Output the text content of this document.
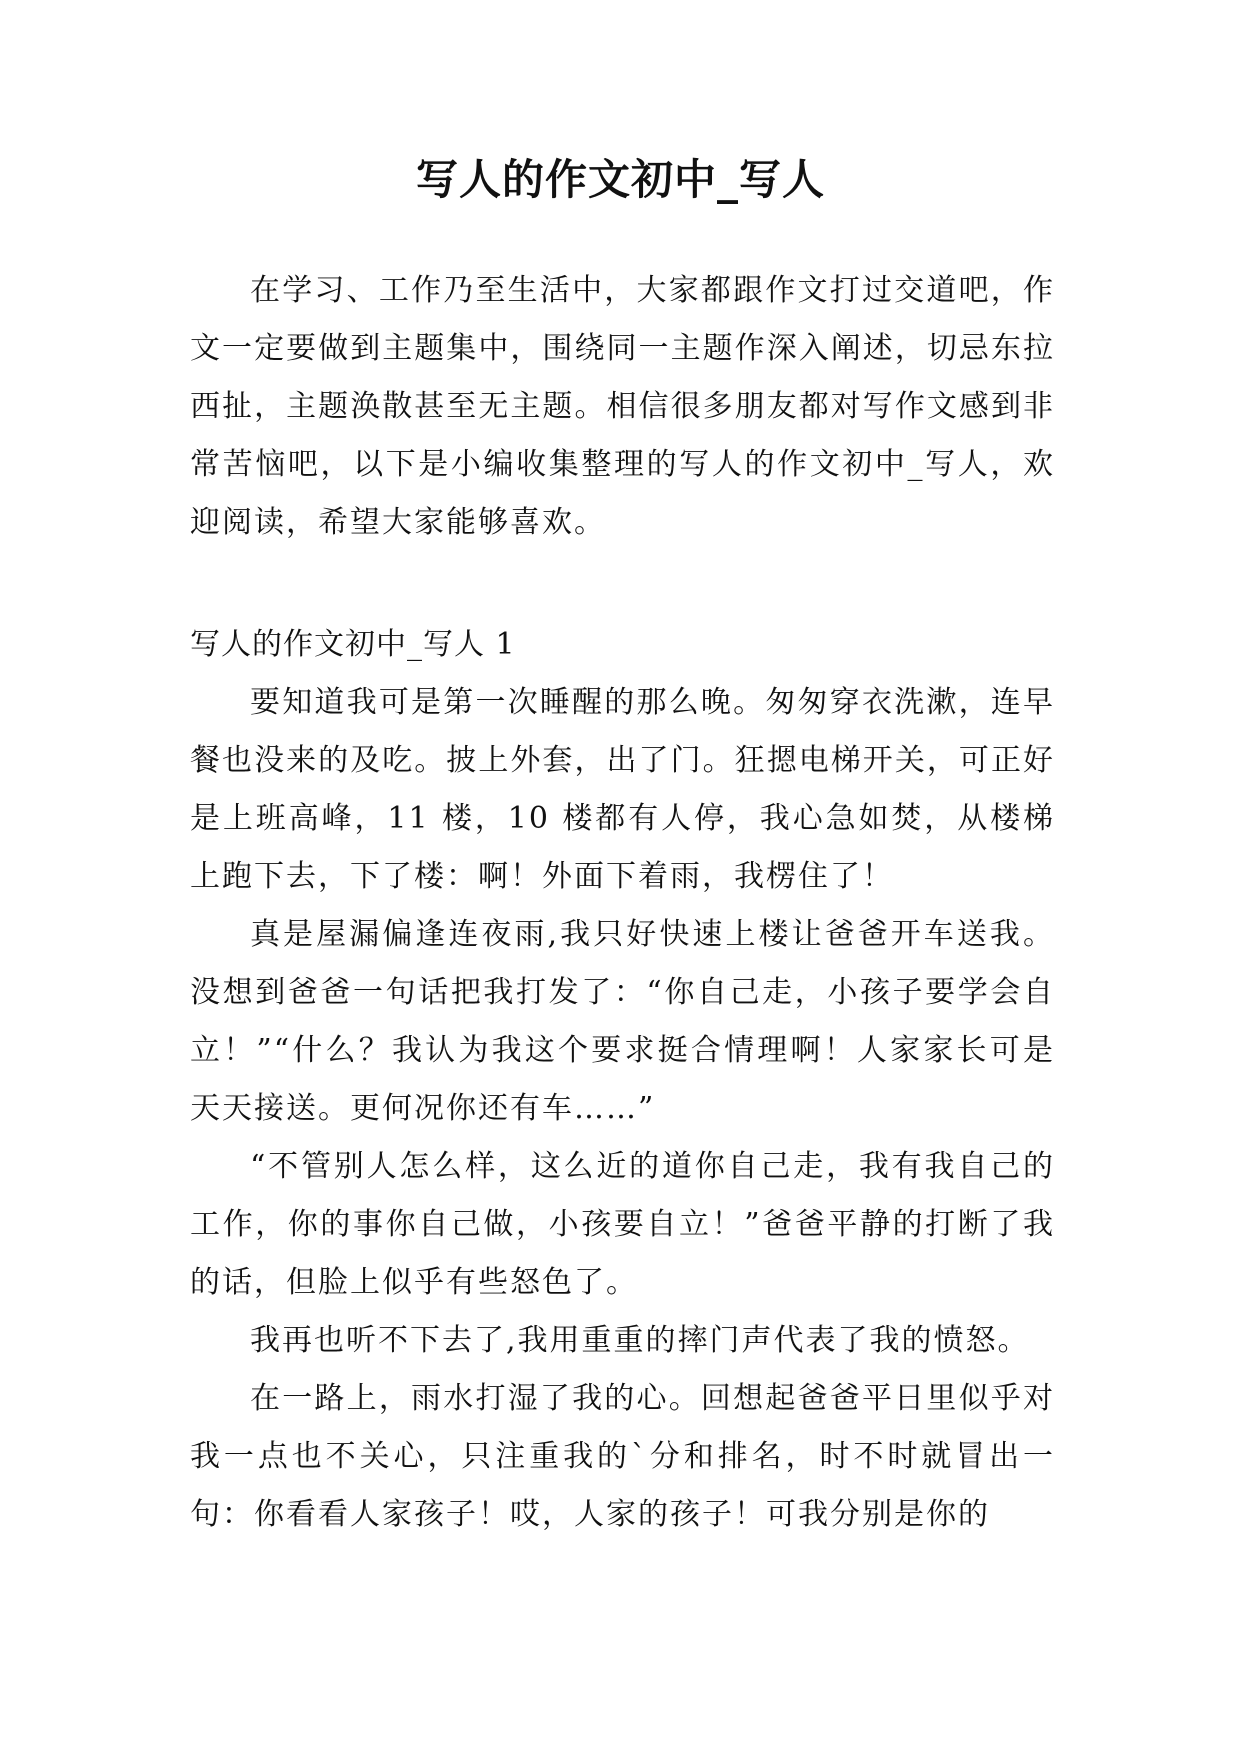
写人的作文初中_写人

在学习、工作乃至生活中，大家都跟作文打过交道吧，作文一定要做到主题集中，围绕同一主题作深入阐述，切忌东拉西扯，主题涣散甚至无主题。相信很多朋友都对写作文感到非常苦恼吧，以下是小编收集整理的写人的作文初中_写人，欢迎阅读，希望大家能够喜欢。

写人的作文初中_写人 1

要知道我可是第一次睡醒的那么晚。匆匆穿衣洗漱，连早餐也没来的及吃。披上外套，出了门。狂摁电梯开关，可正好是上班高峰，11 楼，10 楼都有人停，我心急如焚，从楼梯上跑下去，下了楼：啊！外面下着雨，我楞住了！

真是屋漏偏逢连夜雨,我只好快速上楼让爸爸开车送我。没想到爸爸一句话把我打发了：“你自己走，小孩子要学会自立！”“什么？我认为我这个要求挺合情理啊！人家家长可是天天接送。更何况你还有车……”

“不管别人怎么样，这么近的道你自己走，我有我自己的工作，你的事你自己做，小孩要自立！”爸爸平静的打断了我的话，但脸上似乎有些怒色了。

我再也听不下去了,我用重重的摔门声代表了我的愤怒。

在一路上，雨水打湿了我的心。回想起爸爸平日里似乎对我一点也不关心，只注重我的`分和排名，时不时就冒出一句：你看看人家孩子！哎，人家的孩子！可我分别是你的
